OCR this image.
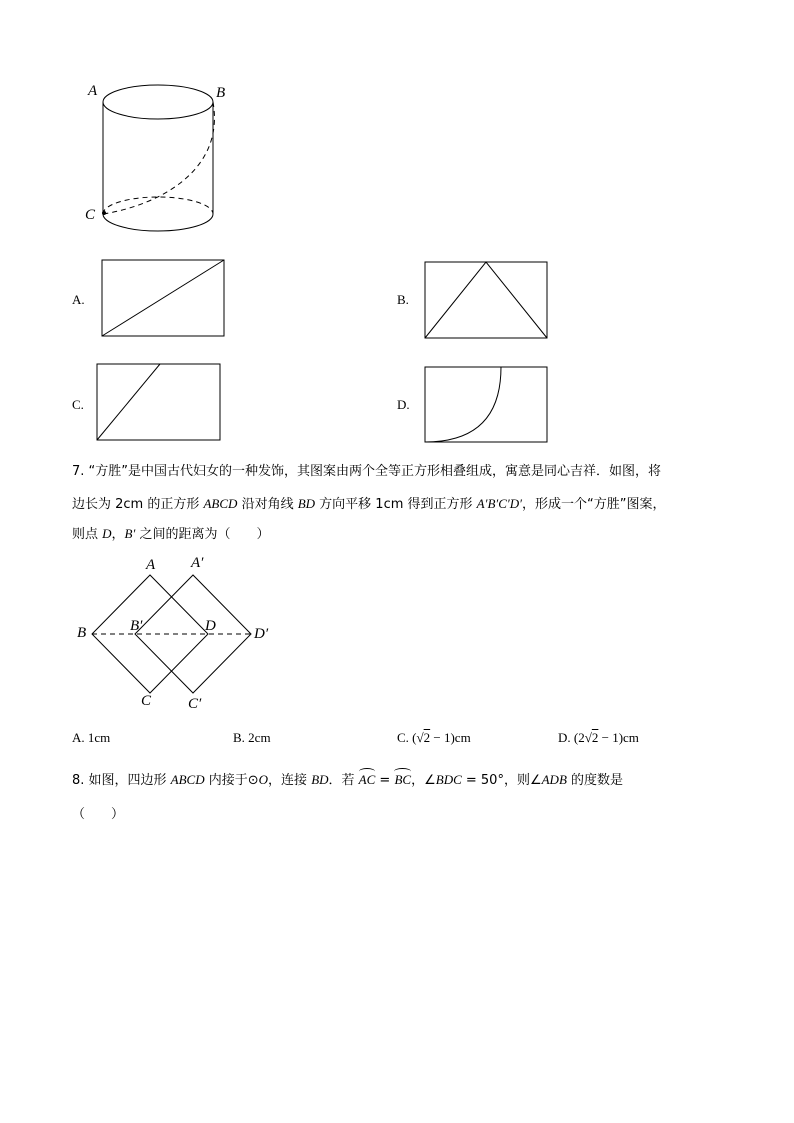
A	B
C
A.	B.
C.	D.
7. “方胜”是中国古代妇女的一种发饰，其图案由两个全等正方形相叠组成，寓意是同心吉祥．如图，将
边长为 2cm 的正方形 ABCD 沿对角线 BD 方向平移 1cm 得到正方形 A′B′C′D′，形成一个“方胜”图案，
则点 D，B′ 之间的距离为（　　）
A A′
B	B′	D	D′
C C′
A. 1cm	B. 2cm	C. (√2 − 1)cm	D. (2√2 − 1)cm
8. 如图，四边形 ABCD 内接于⊙O，连接 BD．若
AC =
BC，∠BDC = 50°，则∠ADB 的度数是
（　　）
